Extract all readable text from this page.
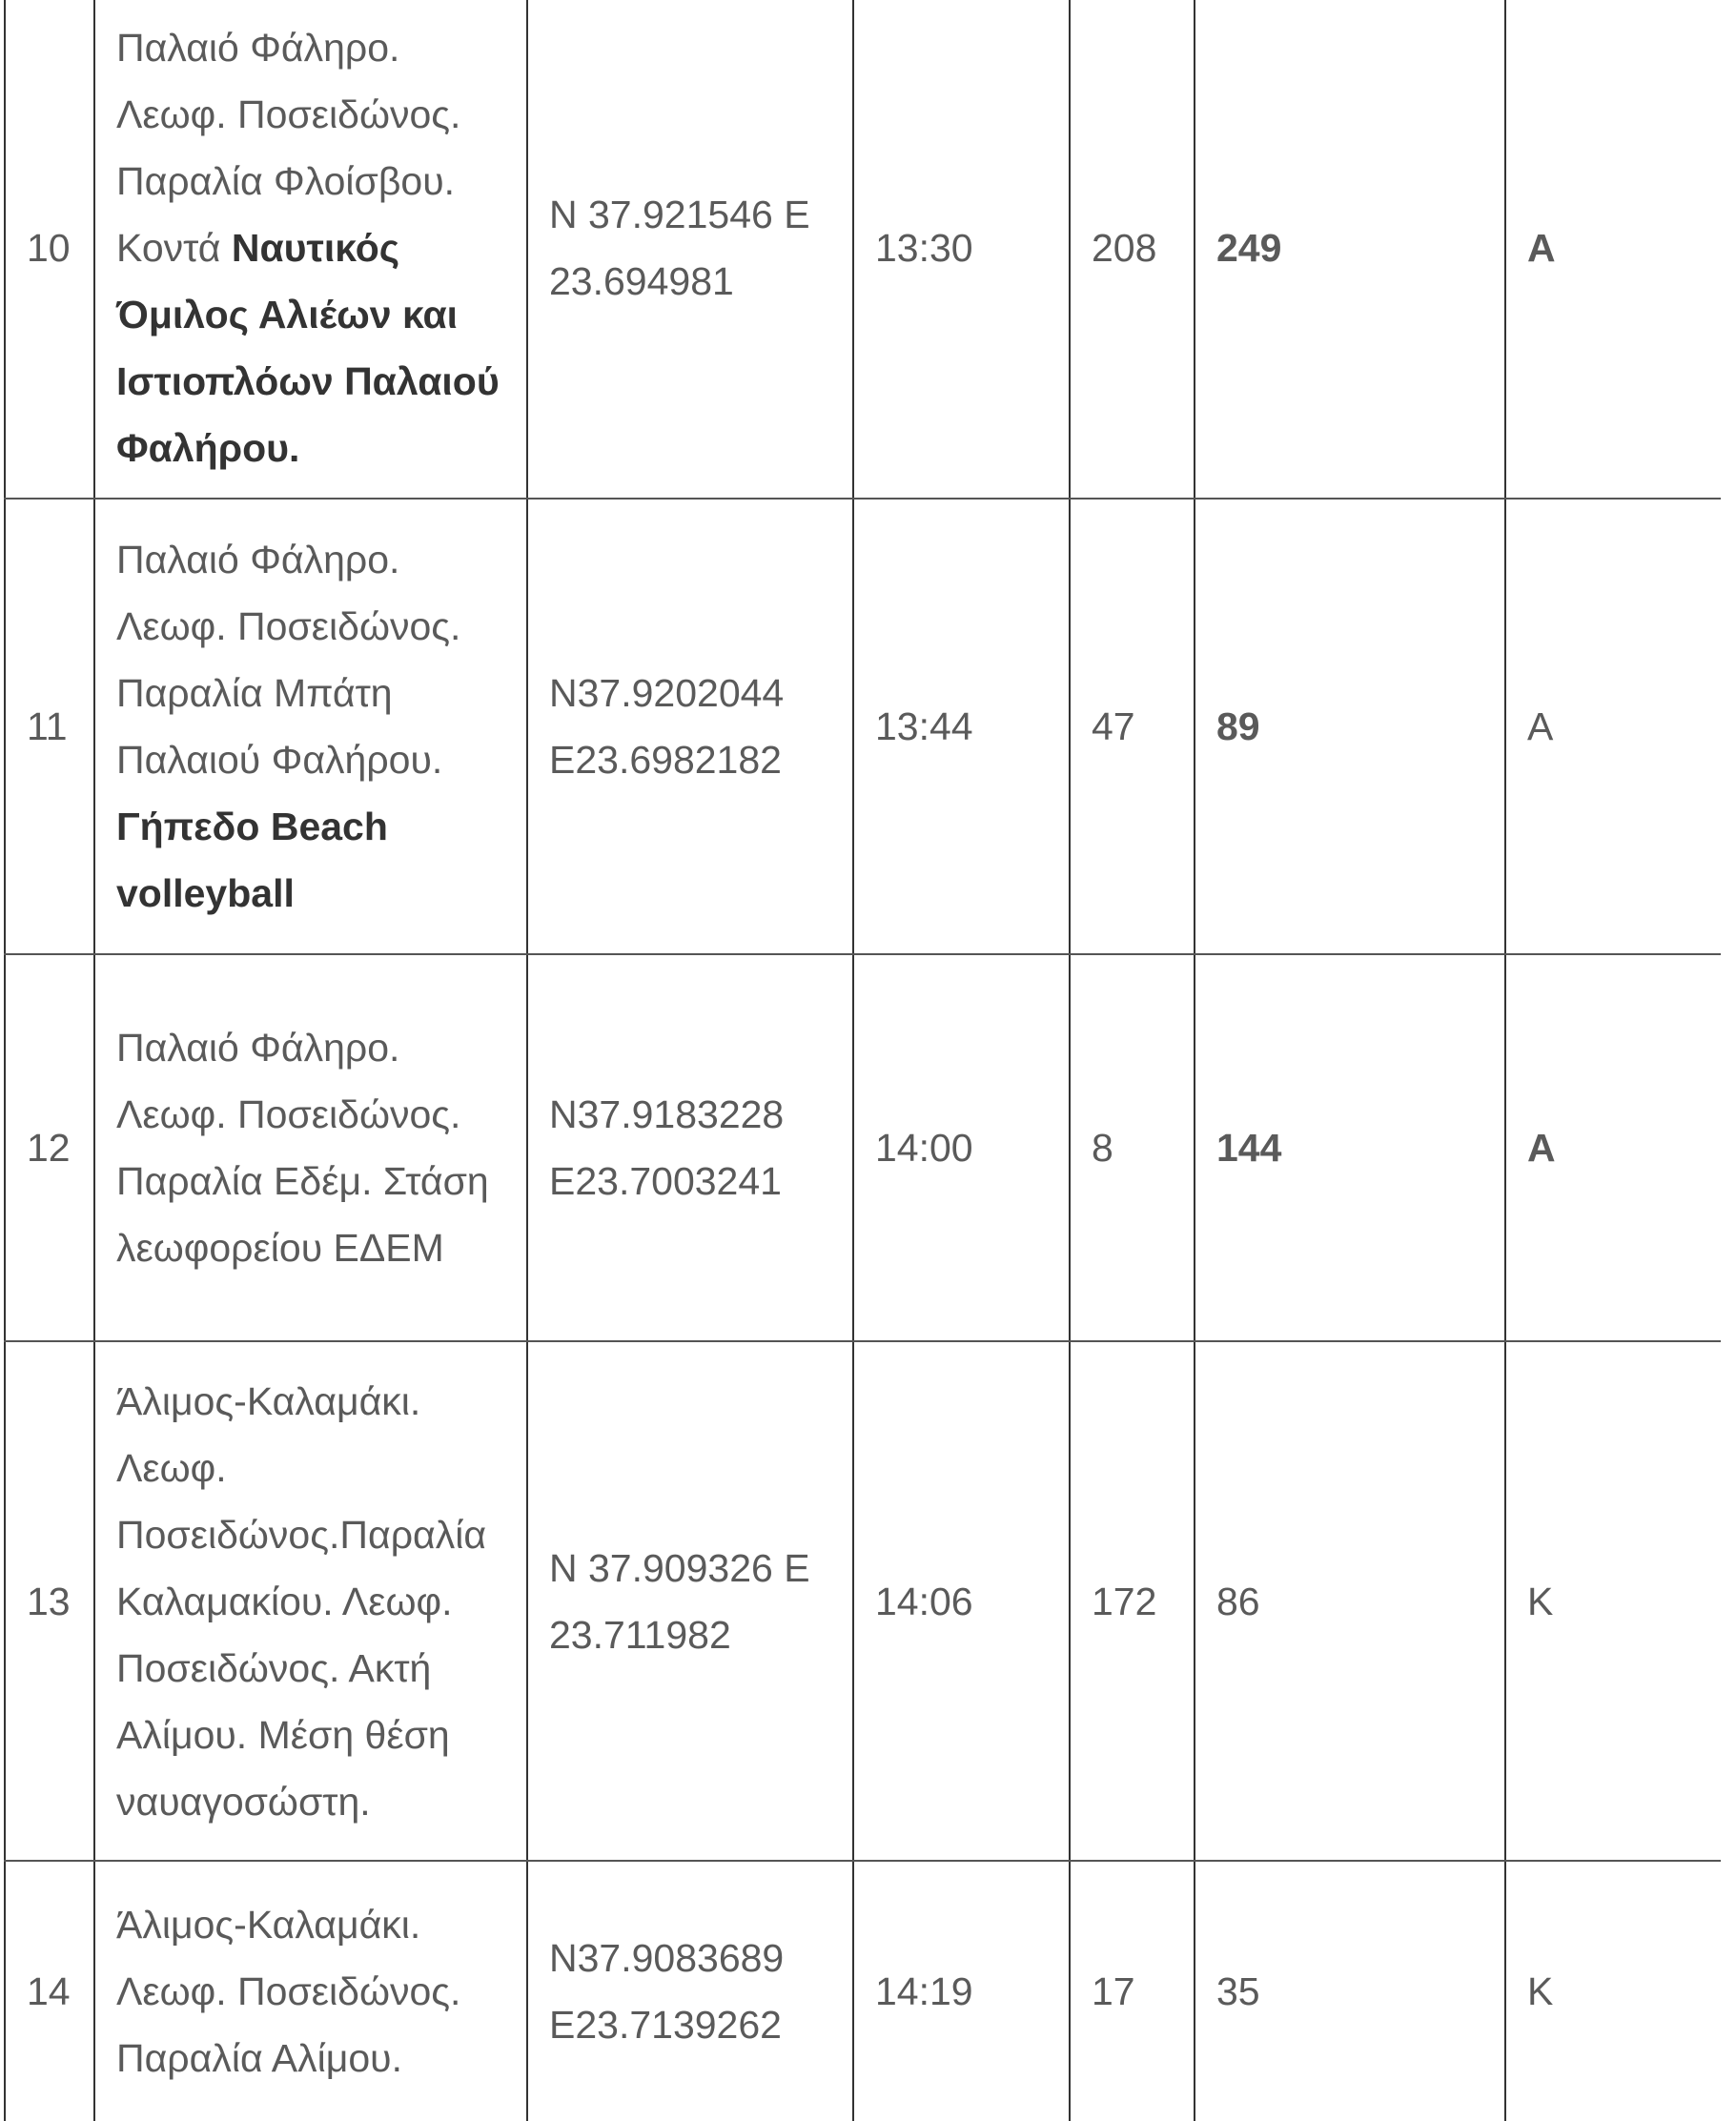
10	Παλαιό Φάληρο. Λεωφ. Ποσειδώνος. Παραλία Φλοίσβου. Κοντά Ναυτικός Όμιλος Αλιέων και Ιστιοπλόων Παλαιού Φαλήρου.	N 37.921546 E 23.694981	13:30	208	249	A
11	Παλαιό Φάληρο. Λεωφ. Ποσειδώνος. Παραλία Μπάτη Παλαιού Φαλήρου. Γήπεδο Beach volleyball	N37.9202044 E23.6982182	13:44	47	89	A
12	Παλαιό Φάληρο. Λεωφ. Ποσειδώνος. Παραλία Εδέμ. Στάση λεωφορείου ΕΔΕΜ	N37.9183228 E23.7003241	14:00	8	144	A
13	Άλιμος-Καλαμάκι. Λεωφ. Ποσειδώνος.Παραλία Καλαμακίου. Λεωφ. Ποσειδώνος. Ακτή Αλίμου. Μέση θέση ναυαγοσώστη.	N 37.909326 E 23.711982	14:06	172	86	K
14	Άλιμος-Καλαμάκι. Λεωφ. Ποσειδώνος. Παραλία Αλίμου.	N37.9083689 E23.7139262	14:19	17	35	K
